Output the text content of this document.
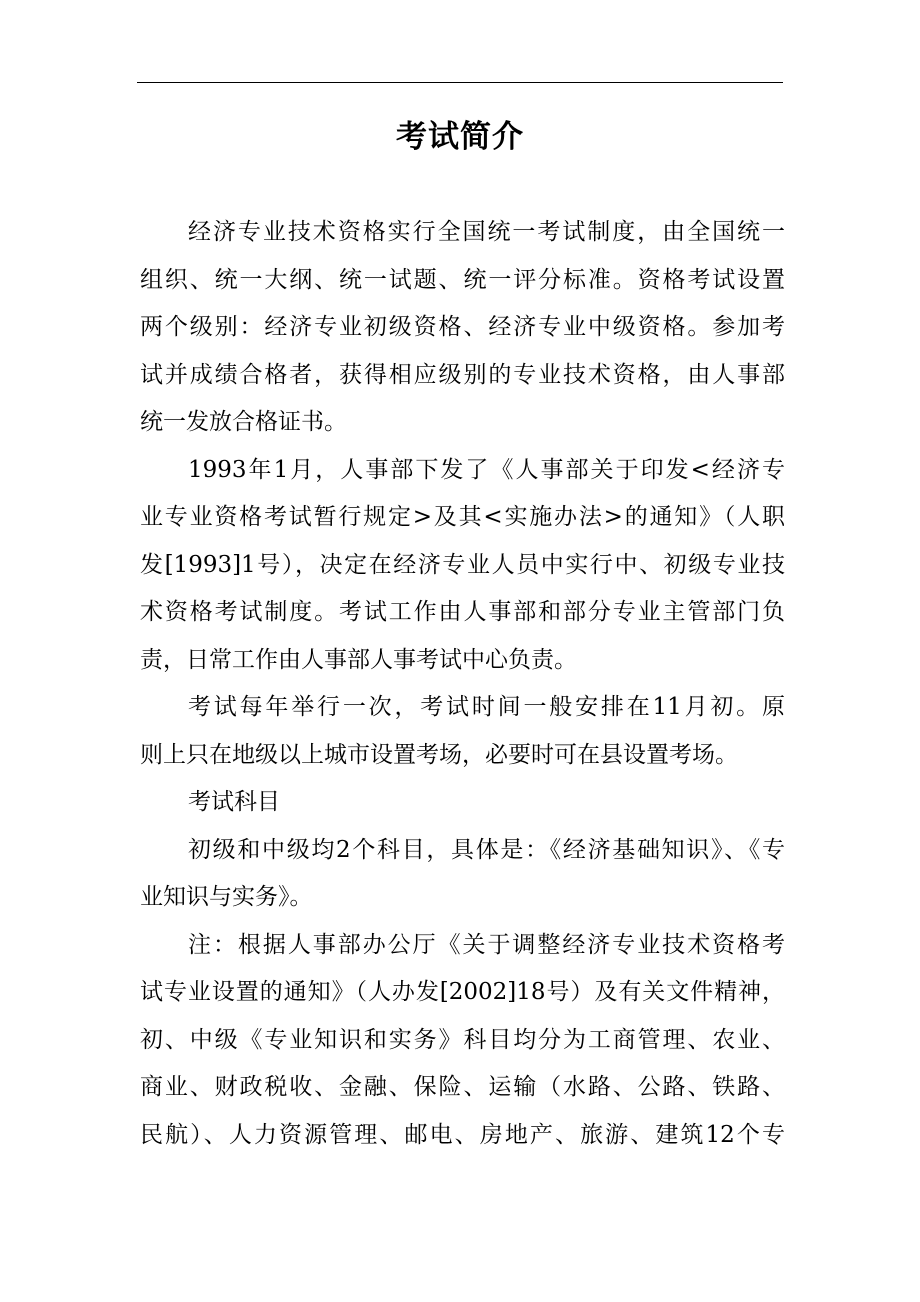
考试简介
经济专业技术资格实行全国统一考试制度，由全国统一
组织、统一大纲、统一试题、统一评分标准。资格考试设置
两个级别：经济专业初级资格、经济专业中级资格。参加考
试并成绩合格者，获得相应级别的专业技术资格，由人事部
统一发放合格证书。
1993年1月，人事部下发了《人事部关于印发<经济专
业专业资格考试暂行规定>及其<实施办法>的通知》（人职
发[1993]1号），决定在经济专业人员中实行中、初级专业技
术资格考试制度。考试工作由人事部和部分专业主管部门负
责，日常工作由人事部人事考试中心负责。
考试每年举行一次，考试时间一般安排在11月初。原
则上只在地级以上城市设置考场，必要时可在县设置考场。
考试科目
初级和中级均2个科目，具体是：《经济基础知识》、《专
业知识与实务》。
注：根据人事部办公厅《关于调整经济专业技术资格考
试专业设置的通知》（人办发[2002]18号）及有关文件精神，
初、中级《专业知识和实务》科目均分为工商管理、农业、
商业、财政税收、金融、保险、运输（水路、公路、铁路、
民航）、人力资源管理、邮电、房地产、旅游、建筑12个专
